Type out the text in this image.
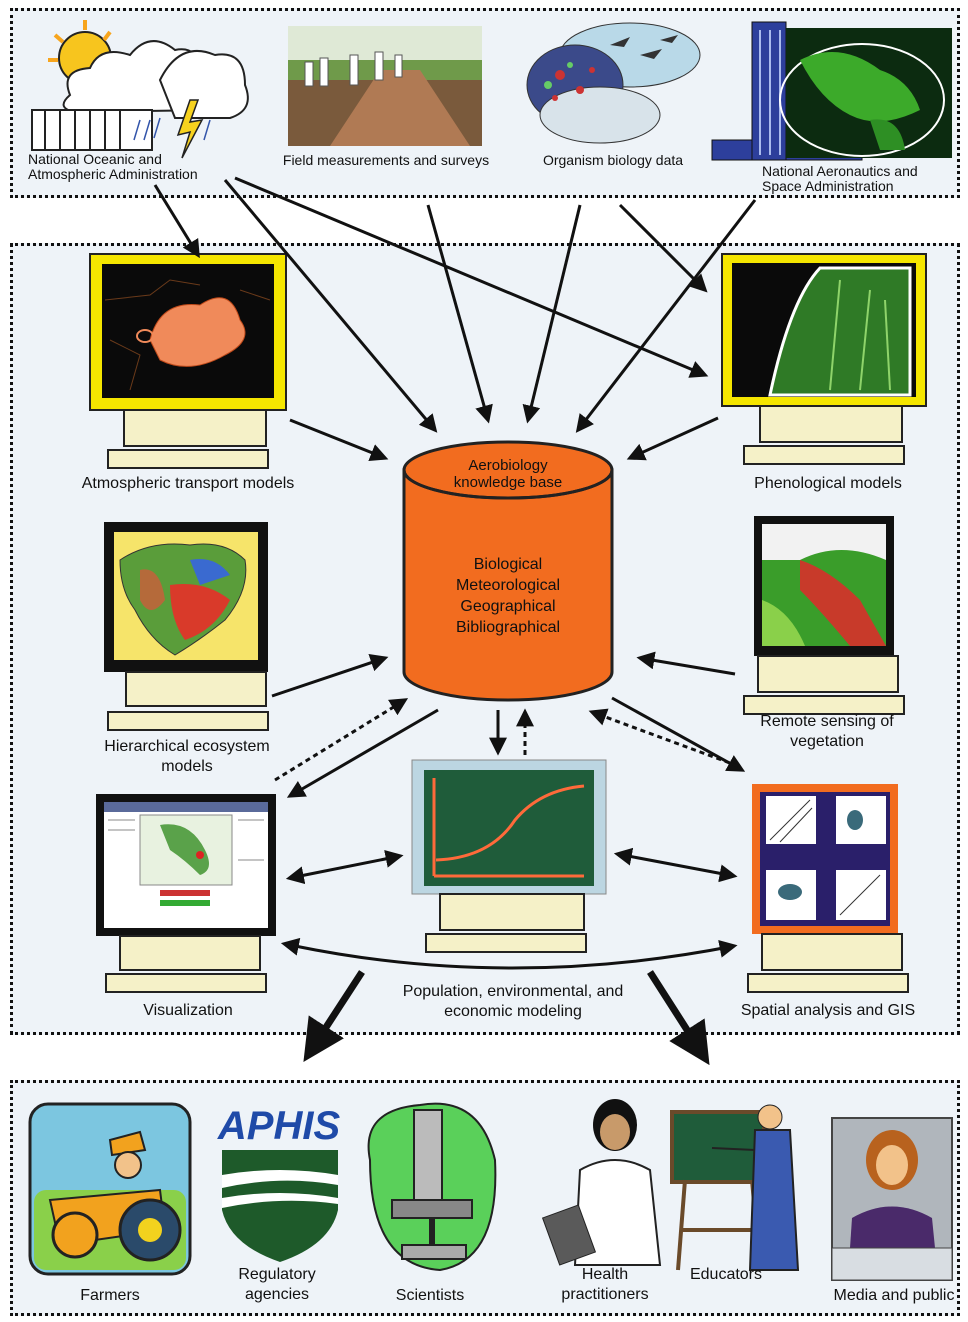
National Oceanic and Atmospheric Administration
Field measurements and surveys	Organism biology data
National Aeronautics and Space Administration
Aerobiology knowledge base
Biological
Meteorological
Geographical
Bibliographical
Atmospheric transport models	Phenological models
Hierarchical ecosystem models
Remote sensing of vegetation
Visualization
Population, environmental, and economic modeling	Spatial analysis and GIS
APHIS
Farmers
Regulatory agencies	Scientists
Health practitioners
Educators
Media and public
